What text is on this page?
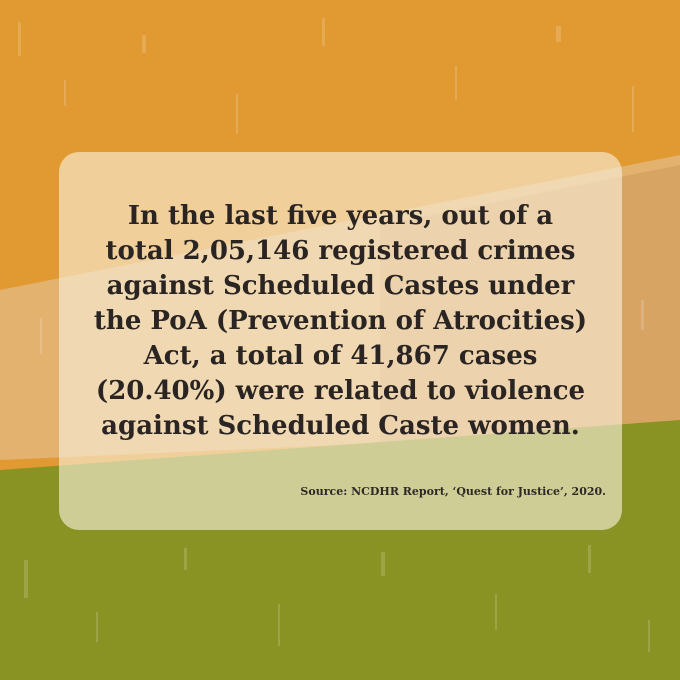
In the last five years, out of a
total 2,05,146 registered crimes
against Scheduled Castes under
the PoA (Prevention of Atrocities)
Act, a total of 41,867 cases
(20.40%) were related to violence
against Scheduled Caste women.

Source: NCDHR Report, ‘Quest for Justice’, 2020.
